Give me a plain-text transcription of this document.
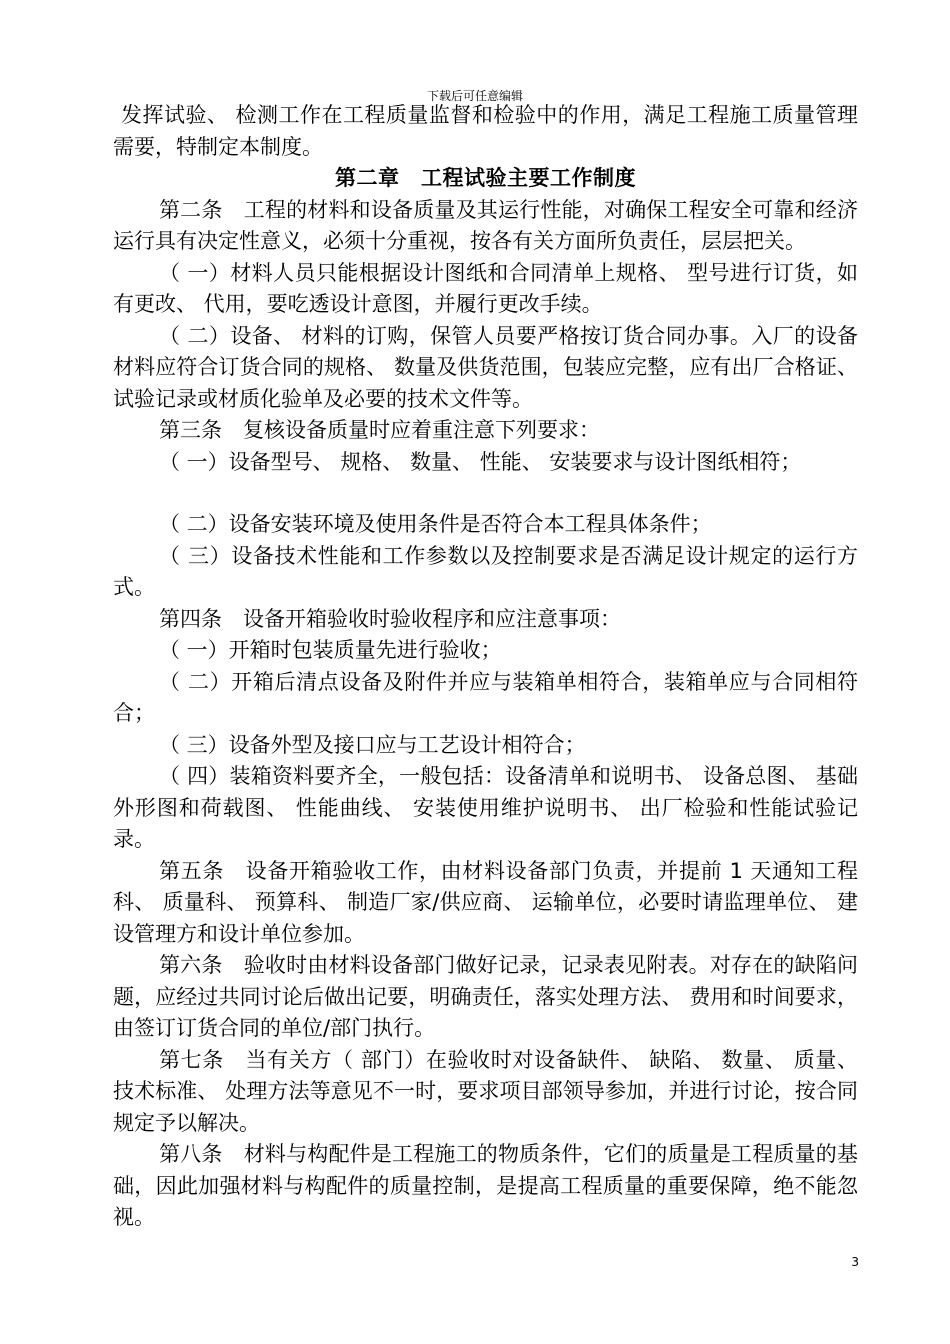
下载后可任意编辑

发挥试验、 检测工作在工程质量监督和检验中的作用，满足工程施工质量管理需要，特制定本制度。

第二章　工程试验主要工作制度

第二条　工程的材料和设备质量及其运行性能，对确保工程安全可靠和经济运行具有决定性意义，必须十分重视，按各有关方面所负责任，层层把关。

（ 一）材料人员只能根据设计图纸和合同清单上规格、 型号进行订货，如有更改、 代用，要吃透设计意图，并履行更改手续。

（ 二）设备、 材料的订购，保管人员要严格按订货合同办事。入厂的设备材料应符合订货合同的规格、 数量及供货范围，包装应完整，应有出厂合格证、 试验记录或材质化验单及必要的技术文件等。

第三条　复核设备质量时应着重注意下列要求：

（ 一）设备型号、 规格、 数量、 性能、 安装要求与设计图纸相符；

（ 二）设备安装环境及使用条件是否符合本工程具体条件；

（ 三）设备技术性能和工作参数以及控制要求是否满足设计规定的运行方式。

第四条　设备开箱验收时验收程序和应注意事项：

（ 一）开箱时包装质量先进行验收；

（ 二）开箱后清点设备及附件并应与装箱单相符合，装箱单应与合同相符合；

（ 三）设备外型及接口应与工艺设计相符合；

（ 四）装箱资料要齐全，一般包括：设备清单和说明书、 设备总图、 基础外形图和荷载图、 性能曲线、 安装使用维护说明书、 出厂检验和性能试验记录。

第五条　设备开箱验收工作，由材料设备部门负责，并提前 1 天通知工程科、 质量科、 预算科、 制造厂家/供应商、 运输单位，必要时请监理单位、 建设管理方和设计单位参加。

第六条　验收时由材料设备部门做好记录，记录表见附表。对存在的缺陷问题，应经过共同讨论后做出记要，明确责任，落实处理方法、 费用和时间要求，由签订订货合同的单位/部门执行。

第七条　当有关方（ 部门）在验收时对设备缺件、 缺陷、 数量、 质量、 技术标准、 处理方法等意见不一时，要求项目部领导参加，并进行讨论，按合同规定予以解决。

第八条　材料与构配件是工程施工的物质条件，它们的质量是工程质量的基础，因此加强材料与构配件的质量控制，是提高工程质量的重要保障，绝不能忽视。

3
